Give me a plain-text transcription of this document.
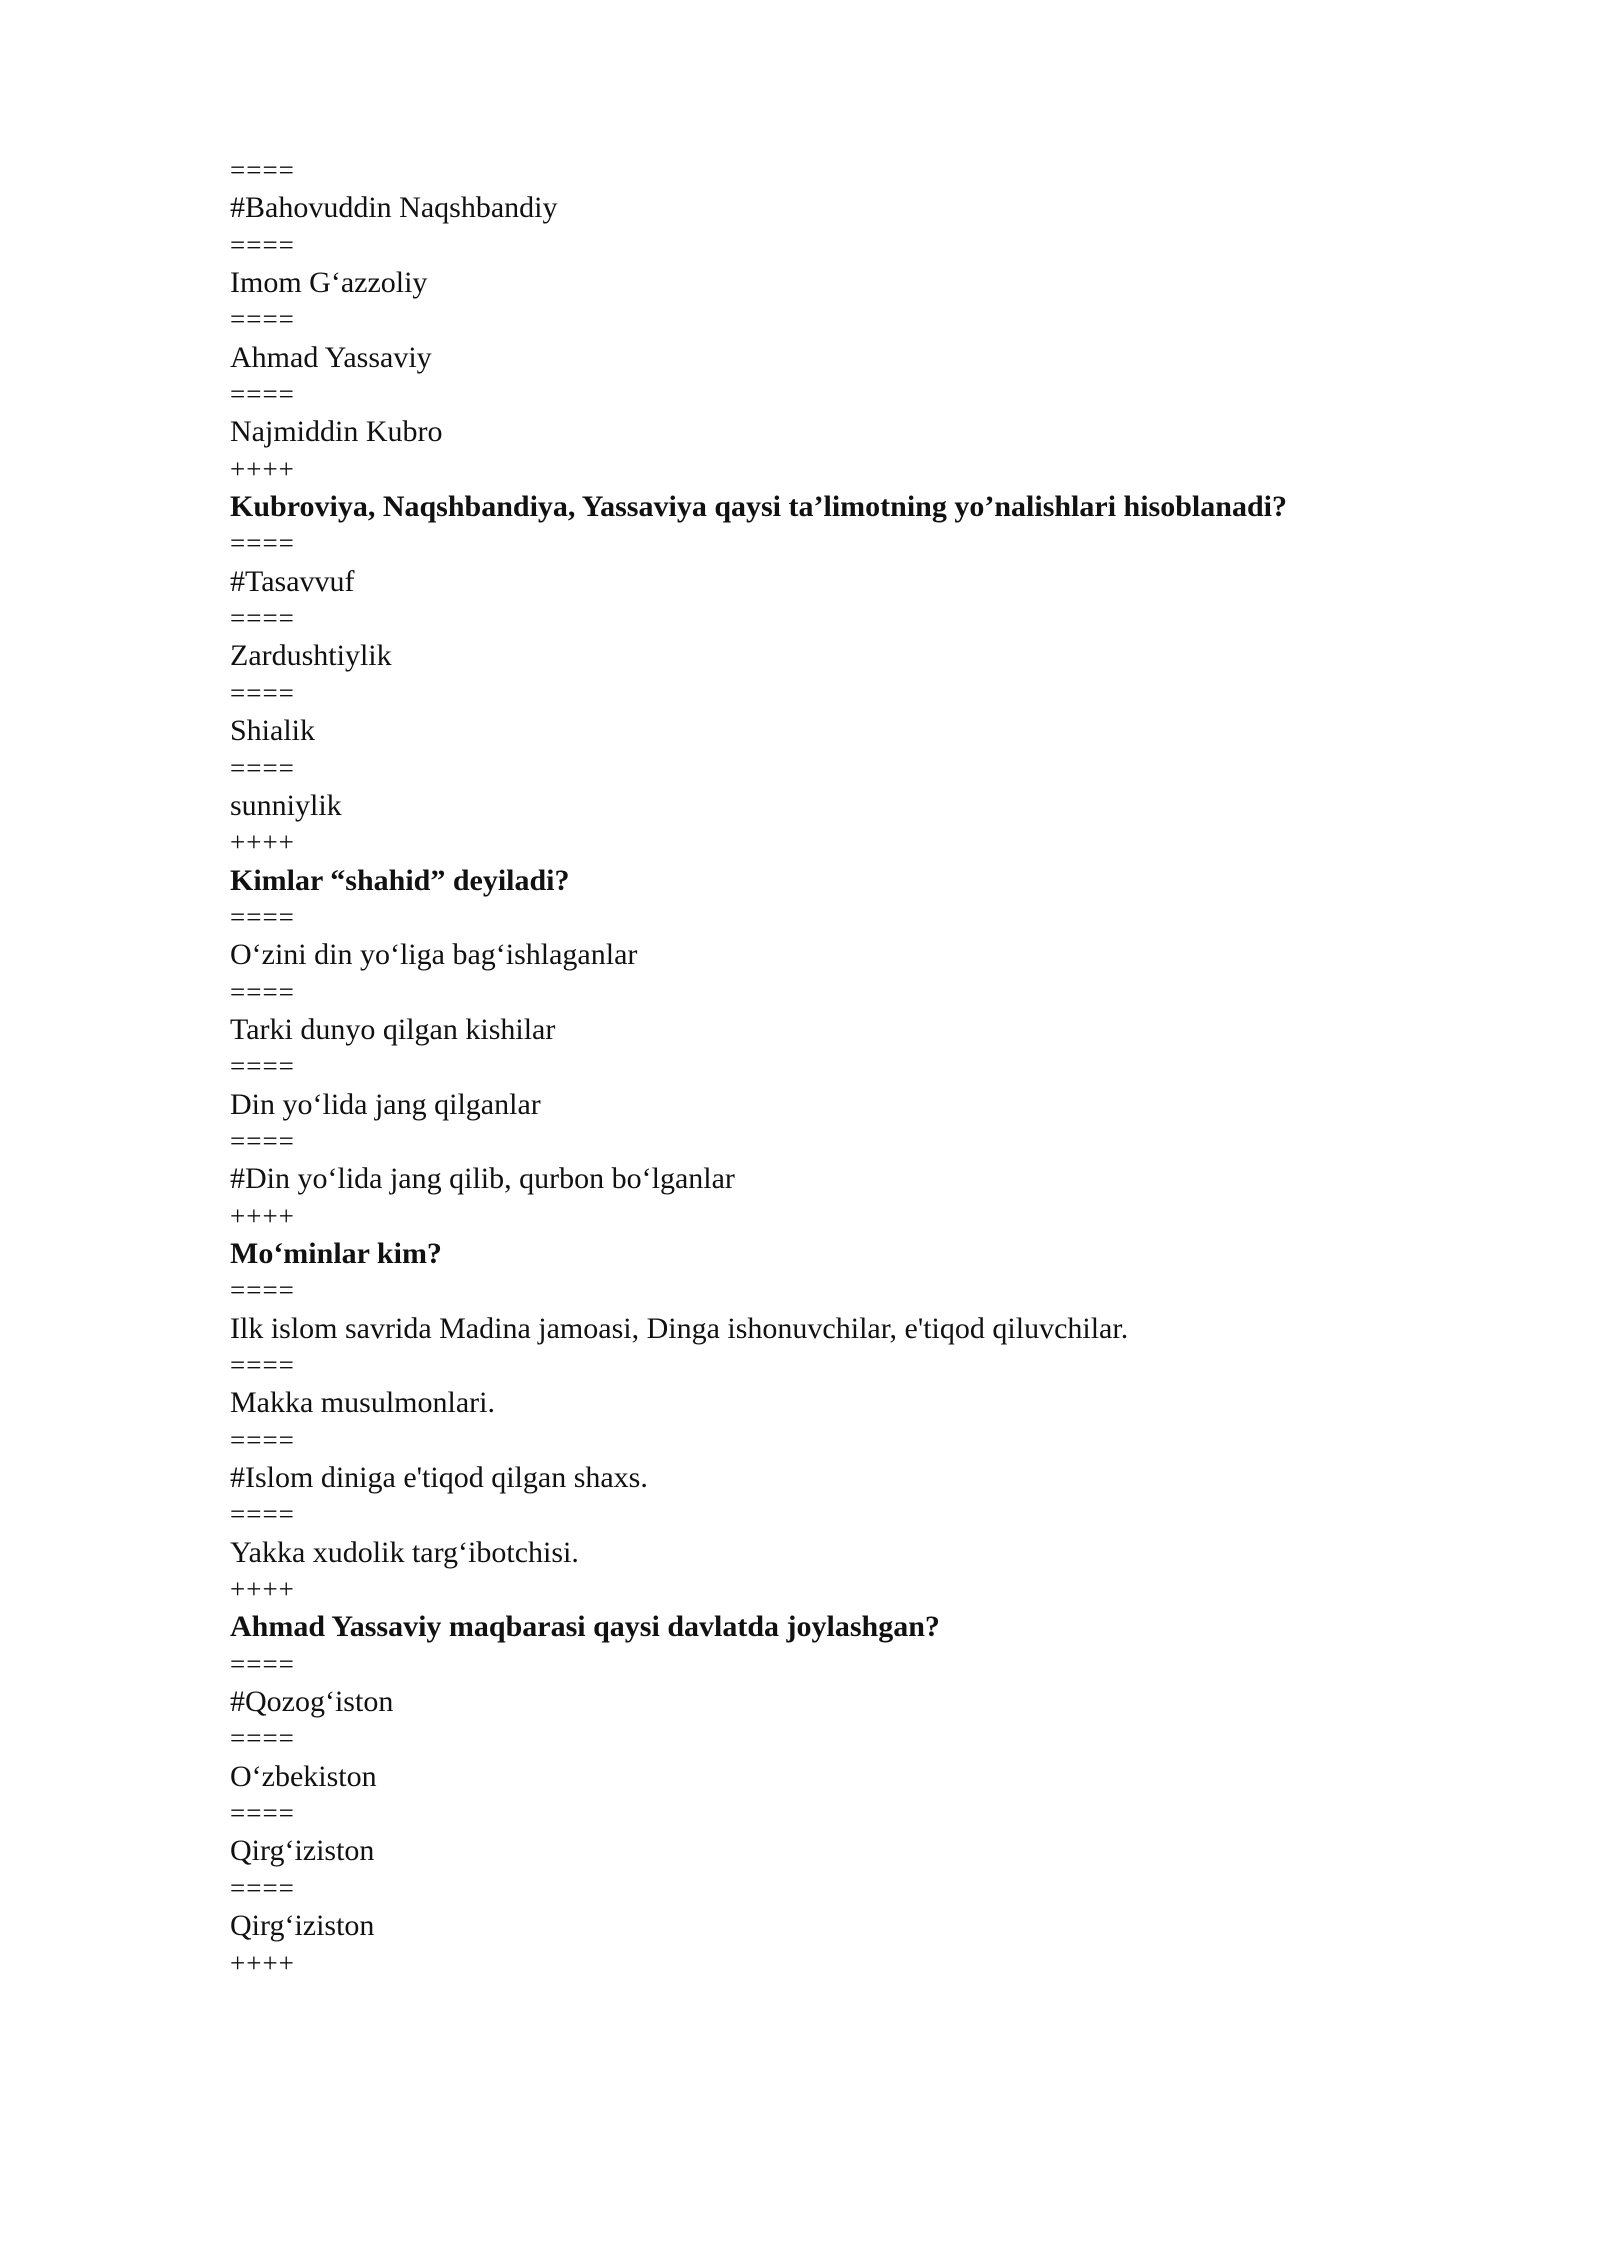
====
#Bahovuddin Naqshbandiy
====
Imom G‘azzoliy
====
Ahmad Yassaviy
====
Najmiddin Kubro
++++
Kubroviya, Naqshbandiya, Yassaviya qaysi ta’limotning yo’nalishlari hisoblanadi?
====
#Tasavvuf
====
Zardushtiylik
====
Shialik
====
sunniylik
++++
Kimlar “shahid” deyiladi?
====
O‘zini din yo‘liga bag‘ishlaganlar
====
Tarki dunyo qilgan kishilar
====
Din yo‘lida jang qilganlar
====
#Din yo‘lida jang qilib, qurbon bo‘lganlar
++++
Mo‘minlar kim?
====
Ilk islom savrida Madina jamoasi, Dinga ishonuvchilar, e'tiqod qiluvchilar.
====
Makka musulmonlari.
====
#Islom diniga e'tiqod qilgan shaxs.
====
Yakka xudolik targ‘ibotchisi.
++++
Ahmad Yassaviy maqbarasi qaysi davlatda joylashgan?
====
#Qozog‘iston
====
O‘zbekiston
====
Qirg‘iziston
====
Qirg‘iziston
++++
